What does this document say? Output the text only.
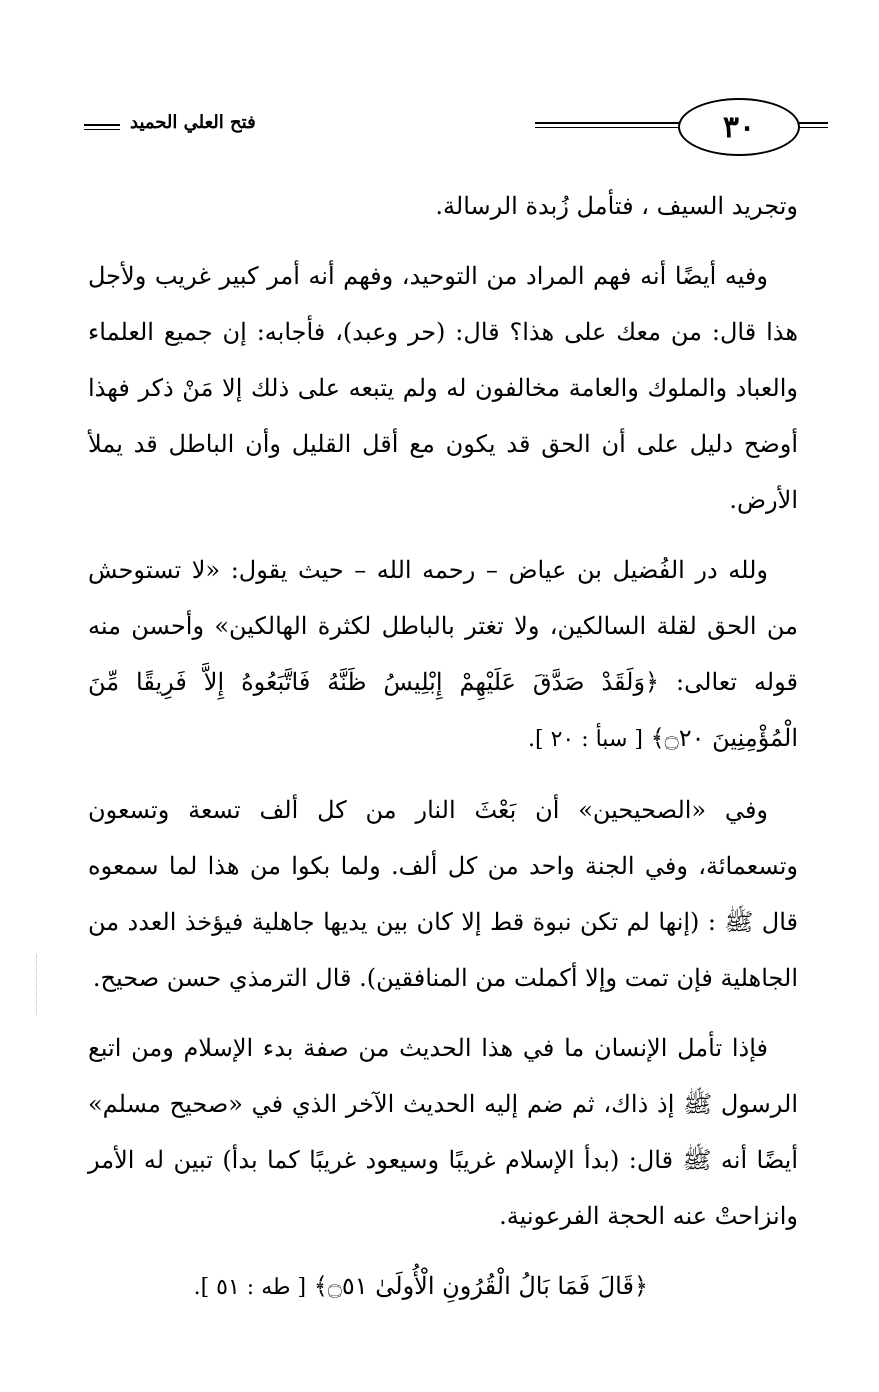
فتح العلي الحميد	٣٠

وتجريد السيف ، فتأمل زُبدة الرسالة.

وفيه أيضًا أنه فهم المراد من التوحيد، وفهم أنه أمر كبير غريب ولأجل هذا قال: من معك على هذا؟ قال: (حر وعبد)، فأجابه: إن جميع العلماء والعباد والملوك والعامة مخالفون له ولم يتبعه على ذلك إلا مَنْ ذكر فهذا أوضح دليل على أن الحق قد يكون مع أقل القليل وأن الباطل قد يملأ الأرض.

ولله در الفُضيل بن عياض – رحمه الله – حيث يقول: «لا تستوحش من الحق لقلة السالكين، ولا تغتر بالباطل لكثرة الهالكين» وأحسن منه قوله تعالى: ﴿وَلَقَدْ صَدَّقَ عَلَيْهِمْ إِبْلِيسُ ظَنَّهُ فَاتَّبَعُوهُ إِلاَّ فَرِيقًا مِّنَ الْمُؤْمِنِينَ ۝٢٠﴾ [ سبأ : ٢٠ ].

وفي «الصحيحين» أن بَعْثَ النار من كل ألف تسعة وتسعون وتسعمائة، وفي الجنة واحد من كل ألف. ولما بكوا من هذا لما سمعوه قال ﷺ : (إنها لم تكن نبوة قط إلا كان بين يديها جاهلية فيؤخذ العدد من الجاهلية فإن تمت وإلا أكملت من المنافقين). قال الترمذي حسن صحيح.

فإذا تأمل الإنسان ما في هذا الحديث من صفة بدء الإسلام ومن اتبع الرسول ﷺ إذ ذاك، ثم ضم إليه الحديث الآخر الذي في «صحيح مسلم» أيضًا أنه ﷺ قال: (بدأ الإسلام غريبًا وسيعود غريبًا كما بدأ) تبين له الأمر وانزاحتْ عنه الحجة الفرعونية.

﴿قَالَ فَمَا بَالُ الْقُرُونِ الْأُولَىٰ ۝٥١﴾ [ طه : ٥١ ].
